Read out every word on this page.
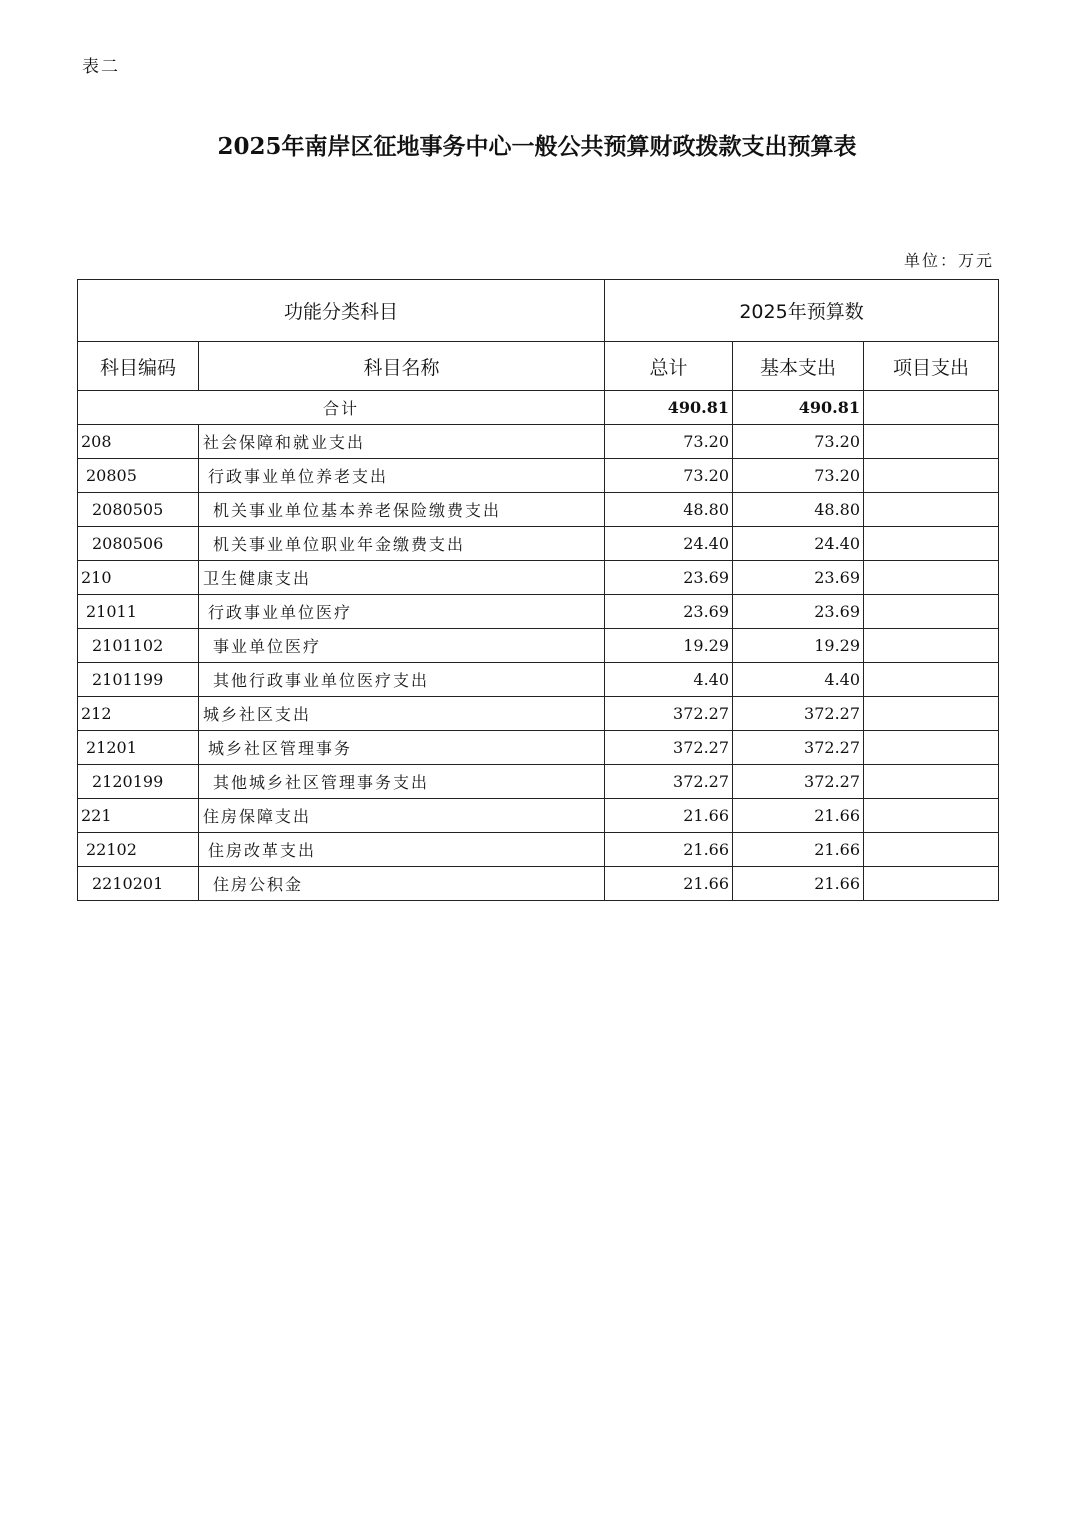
表二
2025年南岸区征地事务中心一般公共预算财政拨款支出预算表
单位：万元
功能分类科目		2025年预算数		
科目编码	科目名称	总计	基本支出	项目支出
合计		490.81	490.81	
208	社会保障和就业支出	73.20	73.20	
20805	行政事业单位养老支出	73.20	73.20	
2080505	机关事业单位基本养老保险缴费支出	48.80	48.80	
2080506	机关事业单位职业年金缴费支出	24.40	24.40	
210	卫生健康支出	23.69	23.69	
21011	行政事业单位医疗	23.69	23.69	
2101102	事业单位医疗	19.29	19.29	
2101199	其他行政事业单位医疗支出	4.40	4.40	
212	城乡社区支出	372.27	372.27	
21201	城乡社区管理事务	372.27	372.27	
2120199	其他城乡社区管理事务支出	372.27	372.27	
221	住房保障支出	21.66	21.66	
22102	住房改革支出	21.66	21.66	
2210201	住房公积金	21.66	21.66	
